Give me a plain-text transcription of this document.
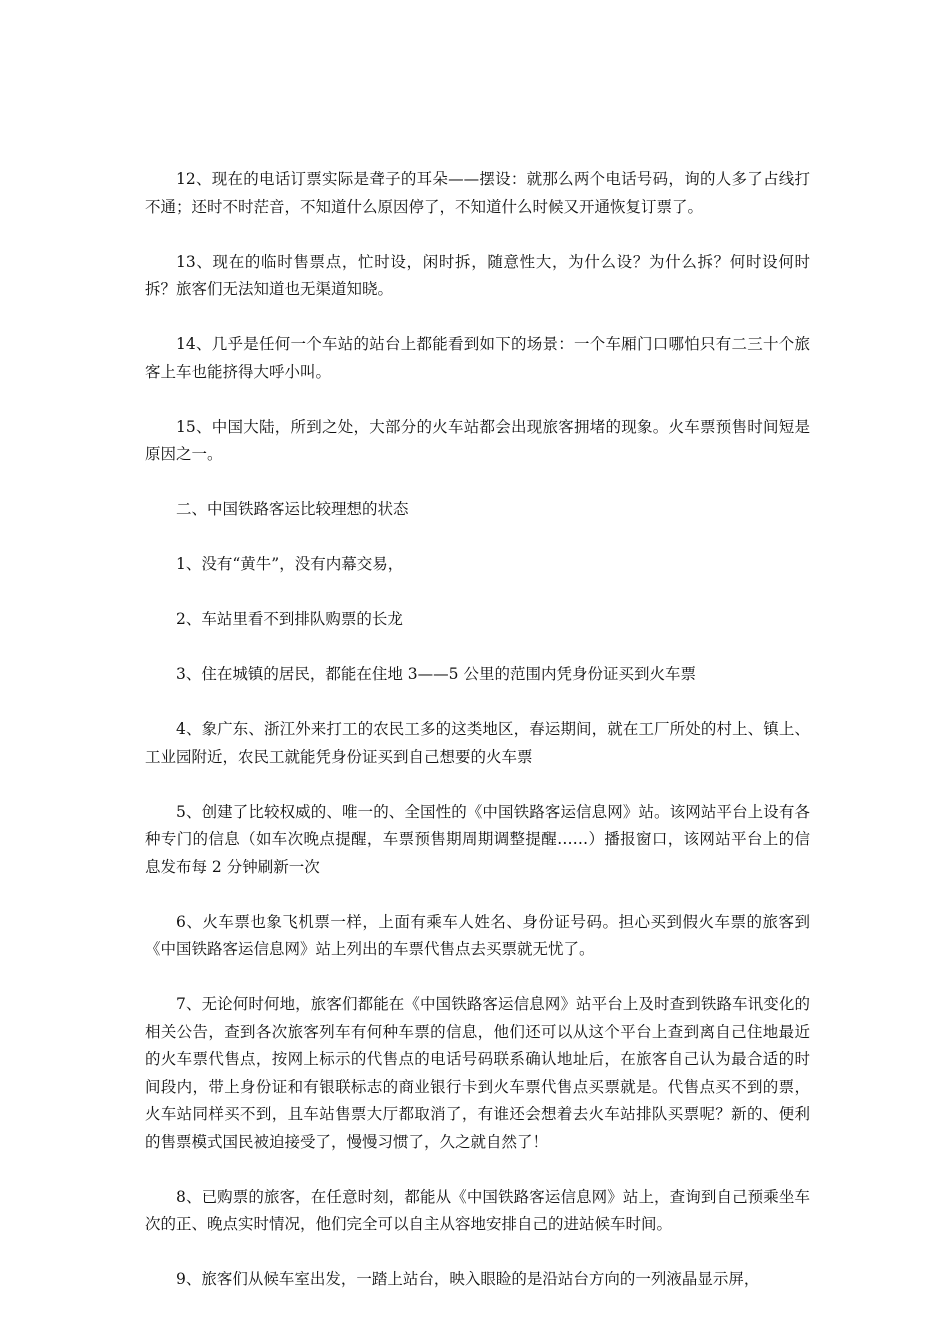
12、现在的电话订票实际是聋子的耳朵——摆设：就那么两个电话号码，询的人多了占线打不通；还时不时茫音，不知道什么原因停了，不知道什么时候又开通恢复订票了。

13、现在的临时售票点，忙时设，闲时拆，随意性大，为什么设？为什么拆？何时设何时拆？旅客们无法知道也无渠道知晓。

14、几乎是任何一个车站的站台上都能看到如下的场景：一个车厢门口哪怕只有二三十个旅客上车也能挤得大呼小叫。

15、中国大陆，所到之处，大部分的火车站都会出现旅客拥堵的现象。火车票预售时间短是原因之一。

二、中国铁路客运比较理想的状态

1、没有“黄牛”，没有内幕交易，

2、车站里看不到排队购票的长龙

3、住在城镇的居民，都能在住地 3——5 公里的范围内凭身份证买到火车票

4、象广东、浙江外来打工的农民工多的这类地区，春运期间，就在工厂所处的村上、镇上、工业园附近，农民工就能凭身份证买到自己想要的火车票

5、创建了比较权威的、唯一的、全国性的《中国铁路客运信息网》站。该网站平台上设有各种专门的信息（如车次晚点提醒，车票预售期周期调整提醒……）播报窗口，该网站平台上的信息发布每 2 分钟刷新一次

6、火车票也象飞机票一样，上面有乘车人姓名、身份证号码。担心买到假火车票的旅客到《中国铁路客运信息网》站上列出的车票代售点去买票就无忧了。

7、无论何时何地，旅客们都能在《中国铁路客运信息网》站平台上及时查到铁路车讯变化的相关公告，查到各次旅客列车有何种车票的信息，他们还可以从这个平台上查到离自己住地最近的火车票代售点，按网上标示的代售点的电话号码联系确认地址后，在旅客自己认为最合适的时间段内，带上身份证和有银联标志的商业银行卡到火车票代售点买票就是。代售点买不到的票，火车站同样买不到，且车站售票大厅都取消了，有谁还会想着去火车站排队买票呢？新的、便利的售票模式国民被迫接受了，慢慢习惯了，久之就自然了！

8、已购票的旅客，在任意时刻，都能从《中国铁路客运信息网》站上，查询到自己预乘坐车次的正、晚点实时情况，他们完全可以自主从容地安排自己的进站候车时间。

9、旅客们从候车室出发，一踏上站台，映入眼睑的是沿站台方向的一列液晶显示屏，
